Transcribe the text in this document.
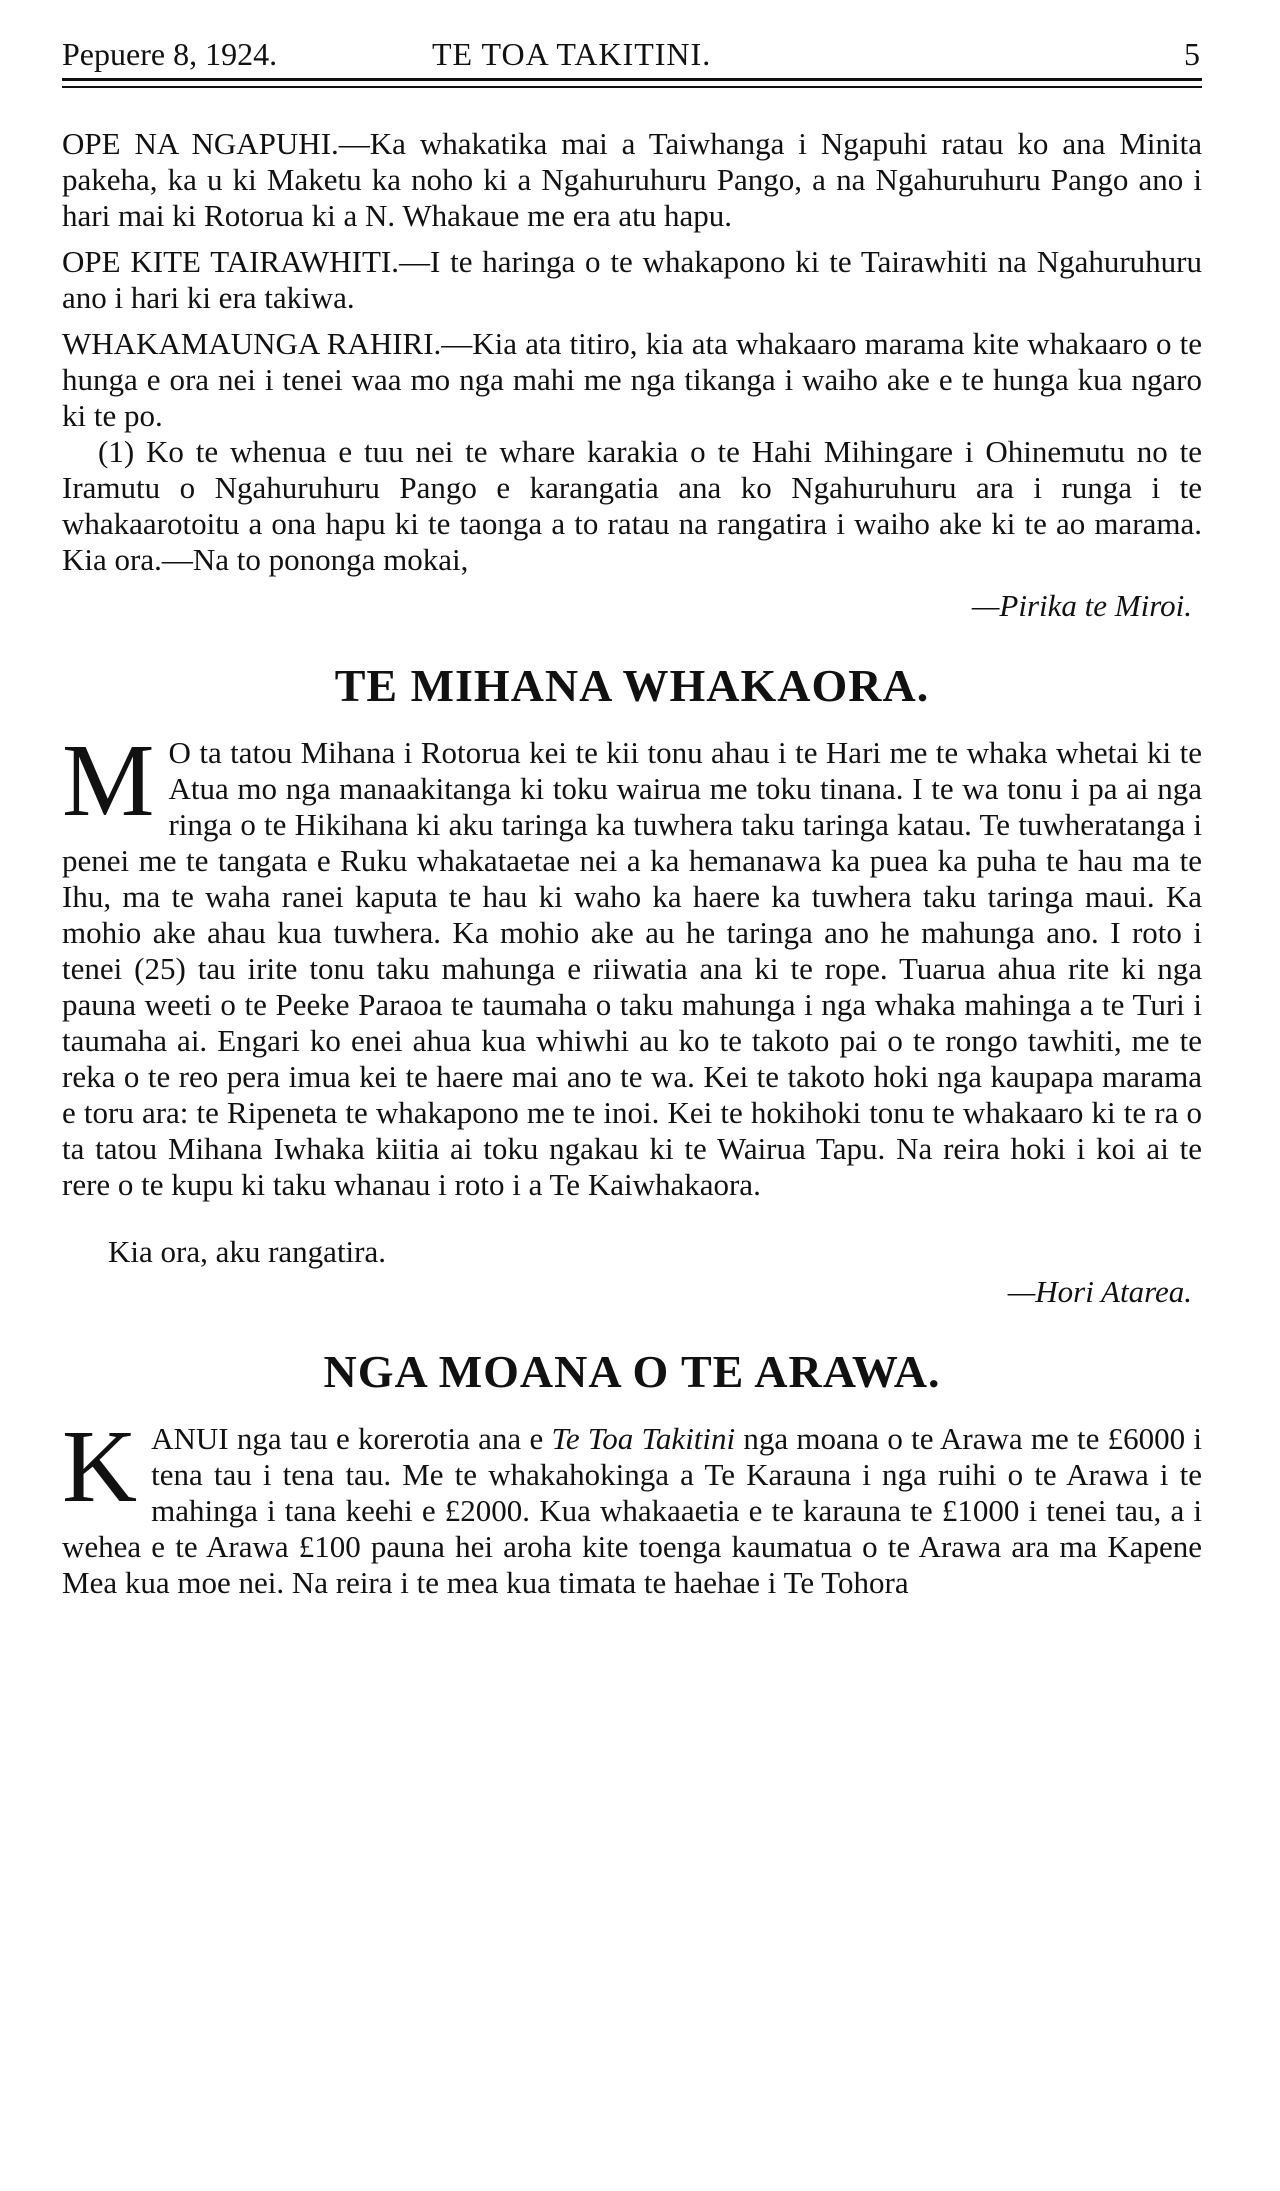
Pepuere 8, 1924.	TE TOA TAKITINI.	5

OPE NA NGAPUHI.—Ka whakatika mai a Taiwhanga i Ngapuhi ratau ko ana Minita pakeha, ka u ki Maketu ka noho ki a Ngahuruhuru Pango, a na Ngahuruhuru Pango ano i hari mai ki Rotorua ki a N. Whakaue me era atu hapu.

OPE KITE TAIRAWHITI.—I te haringa o te whakapono ki te Tairawhiti na Ngahuruhuru ano i hari ki era takiwa.

WHAKAMAUNGA RAHIRI.—Kia ata titiro, kia ata whakaaro marama kite whakaaro o te hunga e ora nei i tenei waa mo nga mahi me nga tikanga i waiho ake e te hunga kua ngaro ki te po.

(1) Ko te whenua e tuu nei te whare karakia o te Hahi Mihingare i Ohinemutu no te Iramutu o Ngahuruhuru Pango e karangatia ana ko Ngahuruhuru ara i runga i te whakaarotoitu a ona hapu ki te taonga a to ratau na rangatira i waiho ake ki te ao marama. Kia ora.—Na to pononga mokai,

—Pirika te Miroi.
TE MIHANA WHAKAORA.

M O ta tatou Mihana i Rotorua kei te kii tonu ahau i te Hari me te whaka whetai ki te Atua mo nga manaakitanga ki toku wairua me toku tinana. I te wa tonu i pa ai nga ringa o te Hikihana ki aku taringa ka tuwhera taku taringa katau. Te tuwheratanga i penei me te tangata e Ruku whakataetae nei a ka hemanawa ka puea ka puha te hau ma te Ihu, ma te waha ranei kaputa te hau ki waho ka haere ka tuwhera taku taringa maui. Ka mohio ake ahau kua tuwhera. Ka mohio ake au he taringa ano he mahunga ano. I roto i tenei (25) tau irite tonu taku mahunga e riiwatia ana ki te rope. Tuarua ahua rite ki nga pauna weeti o te Peeke Paraoa te taumaha o taku mahunga i nga whaka mahinga a te Turi i taumaha ai. Engari ko enei ahua kua whiwhi au ko te takoto pai o te rongo tawhiti, me te reka o te reo pera imua kei te haere mai ano te wa. Kei te takoto hoki nga kaupapa marama e toru ara: te Ripeneta te whakapono me te inoi. Kei te hokihoki tonu te whakaaro ki te ra o ta tatou Mihana Iwhaka kiitia ai toku ngakau ki te Wairua Tapu. Na reira hoki i koi ai te rere o te kupu ki taku whanau i roto i a Te Kaiwhakaora.

Kia ora, aku rangatira.
—Hori Atarea.
NGA MOANA O TE ARAWA.

KANUI nga tau e korerotia ana e Te Toa Takitini nga moana o te Arawa me te £6000 i tena tau i tena tau. Me te whakahokinga a Te Karauna i nga ruihi o te Arawa i te mahinga i tana keehi e £2000. Kua whakaaetia e te karauna te £1000 i tenei tau, a i wehea e te Arawa £100 pauna hei aroha kite toenga kaumatua o te Arawa ara ma Kapene Mea kua moe nei. Na reira i te mea kua timata te haehae i Te Tohora
